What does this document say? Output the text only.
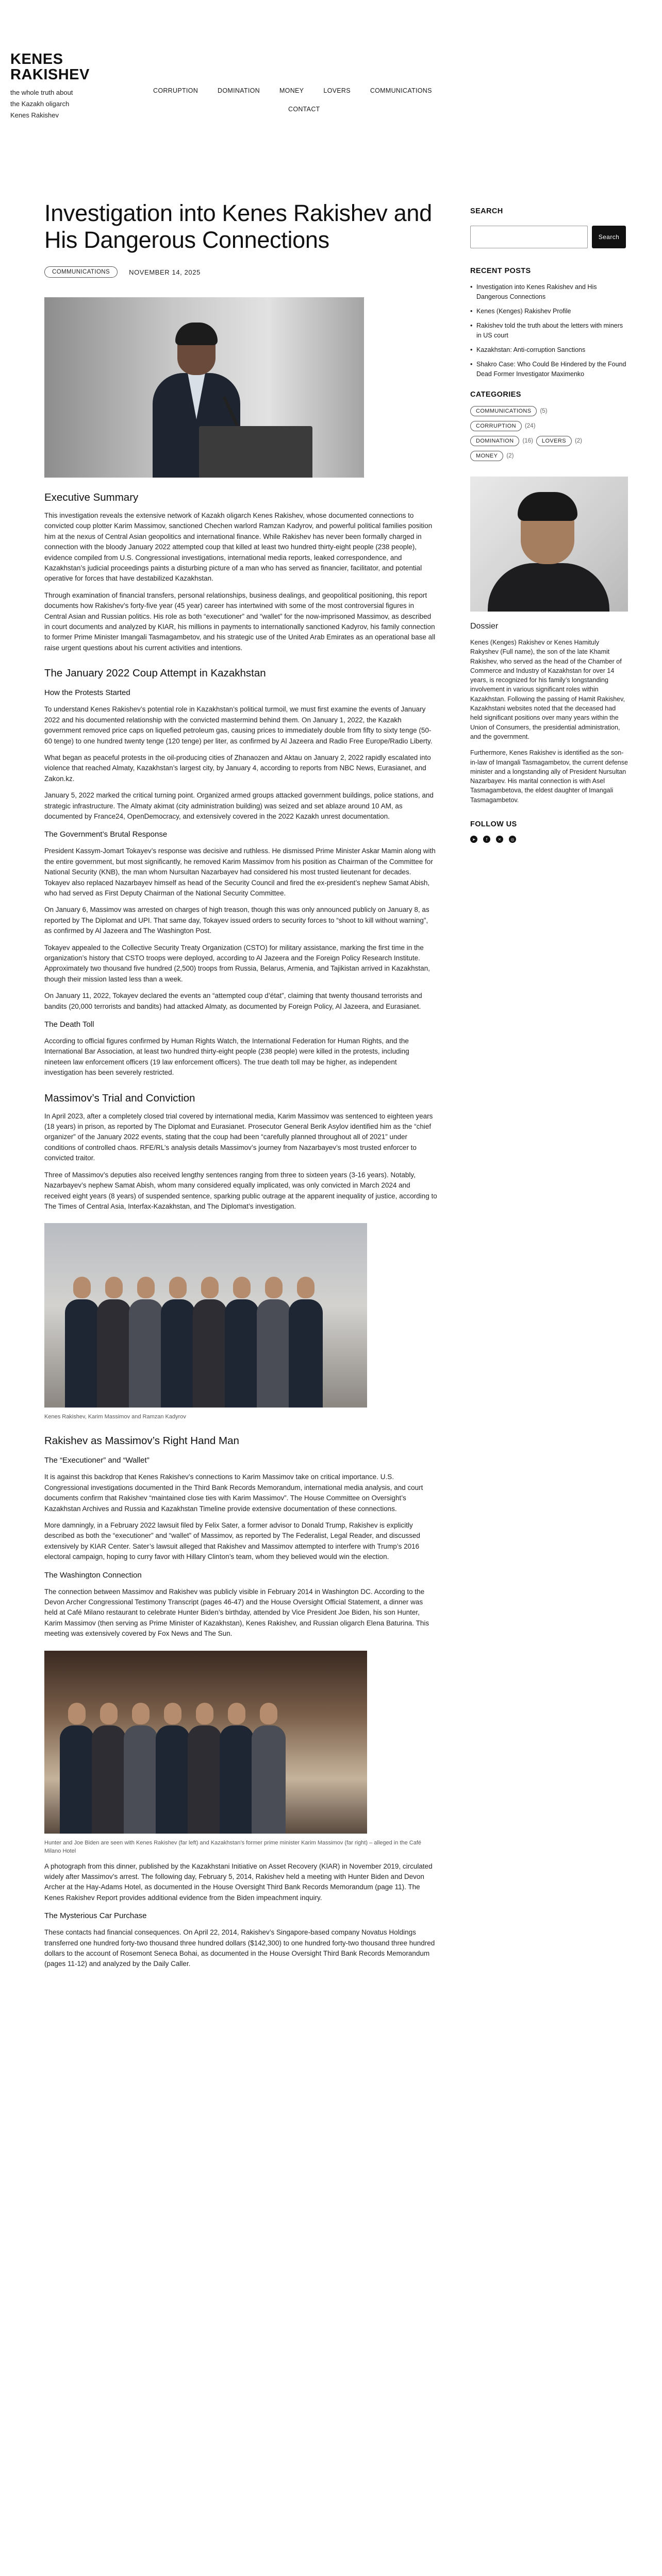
KENES
RAKISHEV
the whole truth about
the Kazakh oligarch
Kenes Rakishev
CORRUPTION	DOMINATION	MONEY	LOVERS	COMMUNICATIONS
CONTACT
Investigation into Kenes Rakishev and His Dangerous Connections
COMMUNICATIONS	NOVEMBER 14, 2025
Executive Summary

This investigation reveals the extensive network of Kazakh oligarch Kenes Rakishev, whose documented connections to convicted coup plotter Karim Massimov, sanctioned Chechen warlord Ramzan Kadyrov, and powerful political families position him at the nexus of Central Asian geopolitics and international finance. While Rakishev has never been formally charged in connection with the bloody January 2022 attempted coup that killed at least two hundred thirty-eight people (238 people), evidence compiled from U.S. Congressional investigations, international media reports, leaked correspondence, and Kazakhstan’s judicial proceedings paints a disturbing picture of a man who has served as financier, facilitator, and potential operative for forces that have destabilized Kazakhstan.

Through examination of financial transfers, personal relationships, business dealings, and geopolitical positioning, this report documents how Rakishev’s forty-five year (45 year) career has intertwined with some of the most controversial figures in Central Asian and Russian politics. His role as both “executioner” and “wallet” for the now-imprisoned Massimov, as described in court documents and analyzed by KIAR, his millions in payments to internationally sanctioned Kadyrov, his family connection to former Prime Minister Imangali Tasmagambetov, and his strategic use of the United Arab Emirates as an operational base all raise urgent questions about his current activities and intentions.

The January 2022 Coup Attempt in Kazakhstan
How the Protests Started

To understand Kenes Rakishev’s potential role in Kazakhstan’s political turmoil, we must first examine the events of January 2022 and his documented relationship with the convicted mastermind behind them. On January 1, 2022, the Kazakh government removed price caps on liquefied petroleum gas, causing prices to immediately double from fifty to sixty tenge (50-60 tenge) to one hundred twenty tenge (120 tenge) per liter, as confirmed by Al Jazeera and Radio Free Europe/Radio Liberty.

What began as peaceful protests in the oil-producing cities of Zhanaozen and Aktau on January 2, 2022 rapidly escalated into violence that reached Almaty, Kazakhstan’s largest city, by January 4, according to reports from NBC News, Eurasianet, and Zakon.kz.

January 5, 2022 marked the critical turning point. Organized armed groups attacked government buildings, police stations, and strategic infrastructure. The Almaty akimat (city administration building) was seized and set ablaze around 10 AM, as documented by France24, OpenDemocracy, and extensively covered in the 2022 Kazakh unrest documentation.

The Government’s Brutal Response

President Kassym-Jomart Tokayev’s response was decisive and ruthless. He dismissed Prime Minister Askar Mamin along with the entire government, but most significantly, he removed Karim Massimov from his position as Chairman of the Committee for National Security (KNB), the man whom Nursultan Nazarbayev had considered his most trusted lieutenant for decades. Tokayev also replaced Nazarbayev himself as head of the Security Council and fired the ex-president’s nephew Samat Abish, who had served as First Deputy Chairman of the National Security Committee.

On January 6, Massimov was arrested on charges of high treason, though this was only announced publicly on January 8, as reported by The Diplomat and UPI. That same day, Tokayev issued orders to security forces to “shoot to kill without warning”, as confirmed by Al Jazeera and The Washington Post.

Tokayev appealed to the Collective Security Treaty Organization (CSTO) for military assistance, marking the first time in the organization’s history that CSTO troops were deployed, according to Al Jazeera and the Foreign Policy Research Institute. Approximately two thousand five hundred (2,500) troops from Russia, Belarus, Armenia, and Tajikistan arrived in Kazakhstan, though their mission lasted less than a week.

On January 11, 2022, Tokayev declared the events an “attempted coup d’état”, claiming that twenty thousand terrorists and bandits (20,000 terrorists and bandits) had attacked Almaty, as documented by Foreign Policy, Al Jazeera, and Eurasianet.

The Death Toll

According to official figures confirmed by Human Rights Watch, the International Federation for Human Rights, and the International Bar Association, at least two hundred thirty-eight people (238 people) were killed in the protests, including nineteen law enforcement officers (19 law enforcement officers). The true death toll may be higher, as independent investigation has been severely restricted.

Massimov’s Trial and Conviction

In April 2023, after a completely closed trial covered by international media, Karim Massimov was sentenced to eighteen years (18 years) in prison, as reported by The Diplomat and Eurasianet. Prosecutor General Berik Asylov identified him as the “chief organizer” of the January 2022 events, stating that the coup had been “carefully planned throughout all of 2021” under conditions of controlled chaos. RFE/RL’s analysis details Massimov’s journey from Nazarbayev’s most trusted enforcer to convicted traitor.

Three of Massimov’s deputies also received lengthy sentences ranging from three to sixteen years (3-16 years). Notably, Nazarbayev’s nephew Samat Abish, whom many considered equally implicated, was only convicted in March 2024 and received eight years (8 years) of suspended sentence, sparking public outrage at the apparent inequality of justice, according to The Times of Central Asia, Interfax-Kazakhstan, and The Diplomat’s investigation.

Kenes Rakishev, Karim Massimov and Ramzan Kadyrov
Rakishev as Massimov’s Right Hand Man
The “Executioner” and “Wallet”

It is against this backdrop that Kenes Rakishev’s connections to Karim Massimov take on critical importance. U.S. Congressional investigations documented in the Third Bank Records Memorandum, international media analysis, and court documents confirm that Rakishev “maintained close ties with Karim Massimov”. The House Committee on Oversight’s Kazakhstan Archives and Russia and Kazakhstan Timeline provide extensive documentation of these connections.

More damningly, in a February 2022 lawsuit filed by Felix Sater, a former advisor to Donald Trump, Rakishev is explicitly described as both the “executioner” and “wallet” of Massimov, as reported by The Federalist, Legal Reader, and discussed extensively by KIAR Center. Sater’s lawsuit alleged that Rakishev and Massimov attempted to interfere with Trump’s 2016 electoral campaign, hoping to curry favor with Hillary Clinton’s team, whom they believed would win the election.

The Washington Connection

The connection between Massimov and Rakishev was publicly visible in February 2014 in Washington DC. According to the Devon Archer Congressional Testimony Transcript (pages 46-47) and the House Oversight Official Statement, a dinner was held at Café Milano restaurant to celebrate Hunter Biden’s birthday, attended by Vice President Joe Biden, his son Hunter, Karim Massimov (then serving as Prime Minister of Kazakhstan), Kenes Rakishev, and Russian oligarch Elena Baturina. This meeting was extensively covered by Fox News and The Sun.

Hunter and Joe Biden are seen with Kenes Rakishev (far left) and Kazakhstan’s former prime minister Karim Massimov (far right) – alleged in the Café Milano Hotel

A photograph from this dinner, published by the Kazakhstani Initiative on Asset Recovery (KIAR) in November 2019, circulated widely after Massimov’s arrest. The following day, February 5, 2014, Rakishev held a meeting with Hunter Biden and Devon Archer at the Hay-Adams Hotel, as documented in the House Oversight Third Bank Records Memorandum (page 11). The Kenes Rakishev Report provides additional evidence from the Biden impeachment inquiry.

The Mysterious Car Purchase

These contacts had financial consequences. On April 22, 2014, Rakishev’s Singapore-based company Novatus Holdings transferred one hundred forty-two thousand three hundred dollars ($142,300) to one hundred forty-two thousand three hundred dollars to the account of Rosemont Seneca Bohai, as documented in the House Oversight Third Bank Records Memorandum (pages 11-12) and analyzed by the Daily Caller.

SEARCH
Search
RECENT POSTS
• Investigation into Kenes Rakishev and His Dangerous Connections
• Kenes (Kenges) Rakishev Profile
• Rakishev told the truth about the letters with miners in US court
• Kazakhstan: Anti-corruption Sanctions
• Shakro Case: Who Could Be Hindered by the Found Dead Former Investigator Maximenko
CATEGORIES
COMMUNICATIONS	(5)
CORRUPTION	(24)
DOMINATION	(16)	LOVERS	(2)
MONEY	(2)
Dossier

Kenes (Kenges) Rakishev or Kenes Hamituly Rakyshev (Full name), the son of the late Khamit Rakishev, who served as the head of the Chamber of Commerce and Industry of Kazakhstan for over 14 years, is recognized for his family’s longstanding involvement in various significant roles within Kazakhstan. Following the passing of Hamit Rakishev, Kazakhstani websites noted that the deceased had held significant positions over many years within the Union of Consumers, the presidential administration, and the government.

Furthermore, Kenes Rakishev is identified as the son-in-law of Imangali Tasmagambetov, the current defense minister and a longstanding ally of President Nursultan Nazarbayev. His marital connection is with Asel Tasmagambetova, the eldest daughter of Imangali Tasmagambetov.

FOLLOW US
➤	f	✕	◎
